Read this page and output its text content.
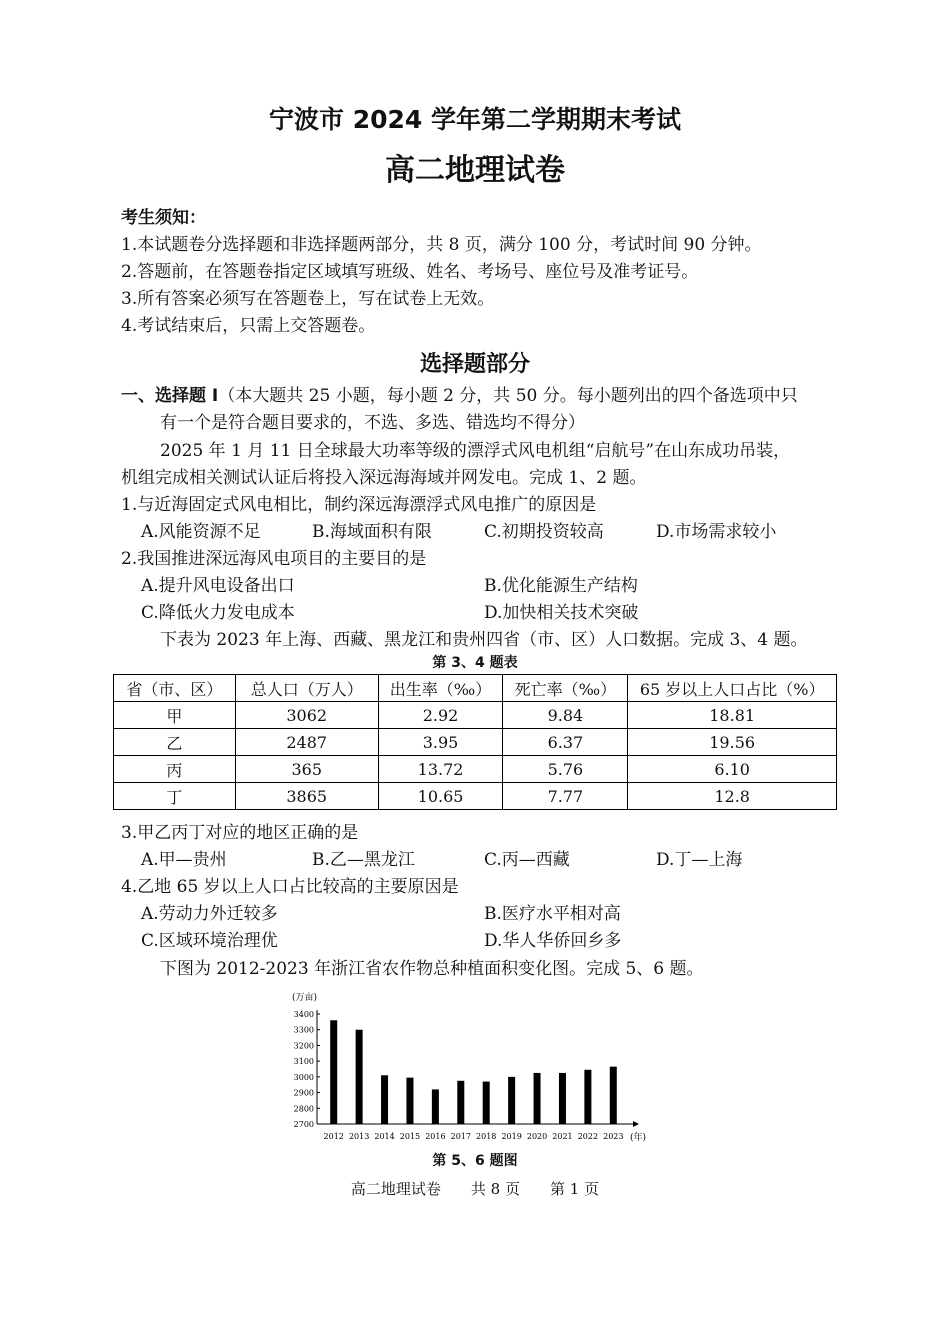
宁波市 2024 学年第二学期期末考试
高二地理试卷
考生须知：
1.本试题卷分选择题和非选择题两部分，共 8 页，满分 100 分，考试时间 90 分钟。
2.答题前，在答题卷指定区域填写班级、姓名、考场号、座位号及准考证号。
3.所有答案必须写在答题卷上，写在试卷上无效。
4.考试结束后，只需上交答题卷。
选择题部分
一、选择题 I（本大题共 25 小题，每小题 2 分，共 50 分。每小题列出的四个备选项中只
有一个是符合题目要求的，不选、多选、错选均不得分）
2025 年 1 月 11 日全球最大功率等级的漂浮式风电机组“启航号”在山东成功吊装，
机组完成相关测试认证后将投入深远海海域并网发电。完成 1、2 题。
1.与近海固定式风电相比，制约深远海漂浮式风电推广的原因是
A.风能资源不足	B.海域面积有限	C.初期投资较高	D.市场需求较小
2.我国推进深远海风电项目的主要目的是
A.提升风电设备出口	B.优化能源生产结构
C.降低火力发电成本	D.加快相关技术突破
下表为 2023 年上海、西藏、黑龙江和贵州四省（市、区）人口数据。完成 3、4 题。
第 3、4 题表
省（市、区）	总人口（万人）	出生率（‰）	死亡率（‰）	65 岁以上人口占比（%）
甲	3062	2.92	9.84	18.81
乙	2487	3.95	6.37	19.56
丙	365	13.72	5.76	6.10
丁	3865	10.65	7.77	12.8
3.甲乙丙丁对应的地区正确的是
A.甲—贵州	B.乙—黑龙江	C.丙—西藏	D.丁—上海
4.乙地 65 岁以上人口占比较高的主要原因是
A.劳动力外迁较多	B.医疗水平相对高
C.区域环境治理优	D.华人华侨回乡多
下图为 2012-2023 年浙江省农作物总种植面积变化图。完成 5、6 题。
(万亩)
(年)
2700
2800
2900
3000
3100
3200
3300
3400
2012 2013 2014 2015 2016 2017 2018 2019 2020 2021 2022 2023
第 5、6 题图
高二地理试卷　　共 8 页　　第 1 页
